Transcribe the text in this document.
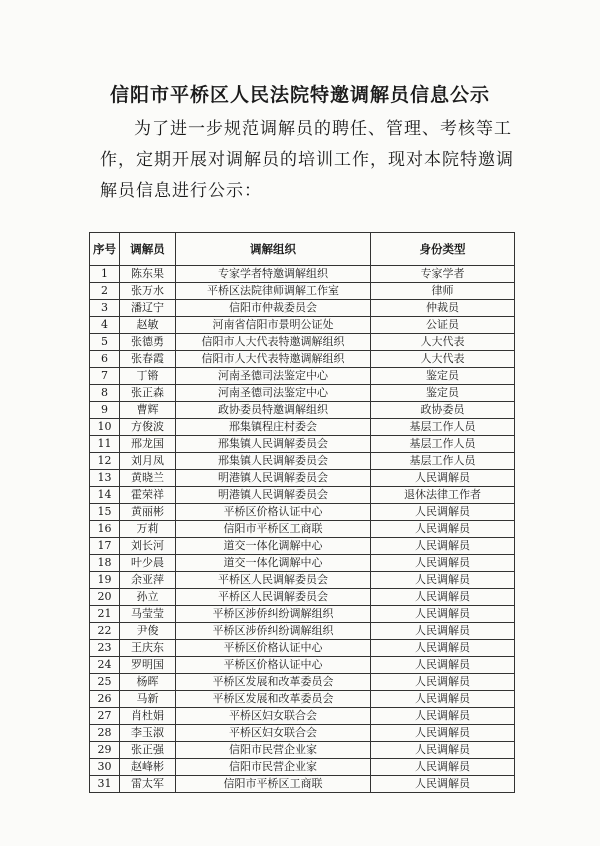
信阳市平桥区人民法院特邀调解员信息公示
为了进一步规范调解员的聘任、管理、考核等工作，定期开展对调解员的培训工作，现对本院特邀调解员信息进行公示：
序号	调解员	调解组织	身份类型
1	陈东果	专家学者特邀调解组织	专家学者
2	张万水	平桥区法院律师调解工作室	律师
3	潘辽宁	信阳市仲裁委员会	仲裁员
4	赵敏	河南省信阳市景明公证处	公证员
5	张德勇	信阳市人大代表特邀调解组织	人大代表
6	张春霞	信阳市人大代表特邀调解组织	人大代表
7	丁锵	河南圣德司法鉴定中心	鉴定员
8	张正森	河南圣德司法鉴定中心	鉴定员
9	曹辉	政协委员特邀调解组织	政协委员
10	方俊波	邢集镇程庄村委会	基层工作人员
11	邢龙国	邢集镇人民调解委员会	基层工作人员
12	刘月凤	邢集镇人民调解委员会	基层工作人员
13	黄晓兰	明港镇人民调解委员会	人民调解员
14	霍荣祥	明港镇人民调解委员会	退休法律工作者
15	黄丽彬	平桥区价格认证中心	人民调解员
16	万莉	信阳市平桥区工商联	人民调解员
17	刘长河	道交一体化调解中心	人民调解员
18	叶少晨	道交一体化调解中心	人民调解员
19	余亚萍	平桥区人民调解委员会	人民调解员
20	孙立	平桥区人民调解委员会	人民调解员
21	马莹莹	平桥区涉侨纠纷调解组织	人民调解员
22	尹俊	平桥区涉侨纠纷调解组织	人民调解员
23	王庆东	平桥区价格认证中心	人民调解员
24	罗明国	平桥区价格认证中心	人民调解员
25	杨晖	平桥区发展和改革委员会	人民调解员
26	马新	平桥区发展和改革委员会	人民调解员
27	肖杜娟	平桥区妇女联合会	人民调解员
28	李玉淑	平桥区妇女联合会	人民调解员
29	张正强	信阳市民营企业家	人民调解员
30	赵峰彬	信阳市民营企业家	人民调解员
31	雷太军	信阳市平桥区工商联	人民调解员
